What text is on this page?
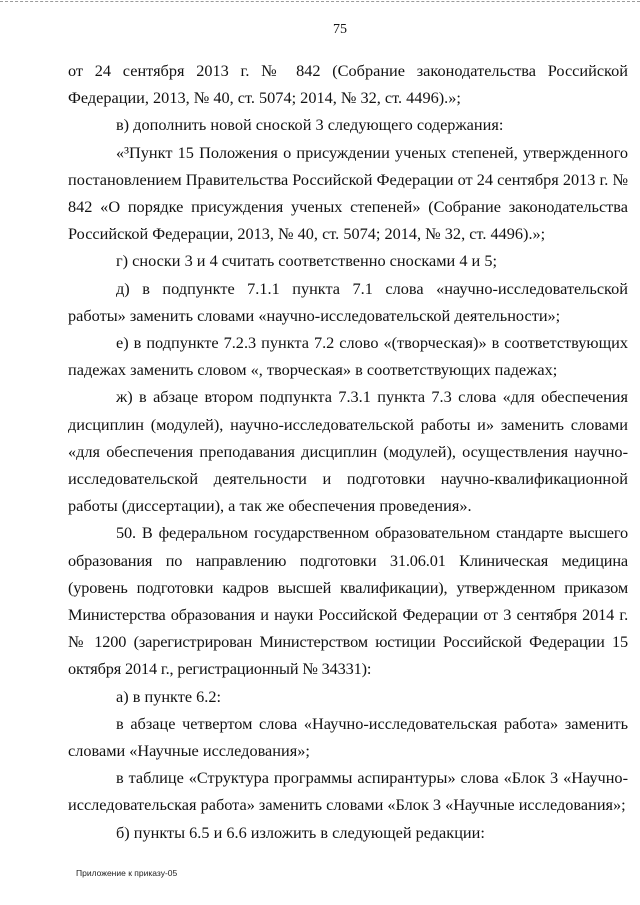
75

от 24 сентября 2013 г. № 842 (Собрание законодательства Российской Федерации, 2013, № 40, ст. 5074; 2014, № 32, ст. 4496).»;

в) дополнить новой сноской 3 следующего содержания:

«³Пункт 15 Положения о присуждении ученых степеней, утвержденного постановлением Правительства Российской Федерации от 24 сентября 2013 г. № 842 «О порядке присуждения ученых степеней» (Собрание законодательства Российской Федерации, 2013, № 40, ст. 5074; 2014, № 32, ст. 4496).»;

г) сноски 3 и 4 считать соответственно сносками 4 и 5;

д) в подпункте 7.1.1 пункта 7.1 слова «научно-исследовательской работы» заменить словами «научно-исследовательской деятельности»;

е) в подпункте 7.2.3 пункта 7.2 слово «(творческая)» в соответствующих падежах заменить словом «, творческая» в соответствующих падежах;

ж) в абзаце втором подпункта 7.3.1 пункта 7.3 слова «для обеспечения дисциплин (модулей), научно-исследовательской работы и» заменить словами «для обеспечения преподавания дисциплин (модулей), осуществления научно-исследовательской деятельности и подготовки научно-квалификационной работы (диссертации), а так же обеспечения проведения».

50. В федеральном государственном образовательном стандарте высшего образования по направлению подготовки 31.06.01 Клиническая медицина (уровень подготовки кадров высшей квалификации), утвержденном приказом Министерства образования и науки Российской Федерации от 3 сентября 2014 г. № 1200 (зарегистрирован Министерством юстиции Российской Федерации 15 октября 2014 г., регистрационный № 34331):

а) в пункте 6.2:

в абзаце четвертом слова «Научно-исследовательская работа» заменить словами «Научные исследования»;

в таблице «Структура программы аспирантуры» слова «Блок 3 «Научно-исследовательская работа» заменить словами «Блок 3 «Научные исследования»;

б) пункты 6.5 и 6.6 изложить в следующей редакции:

Приложение к приказу-05
